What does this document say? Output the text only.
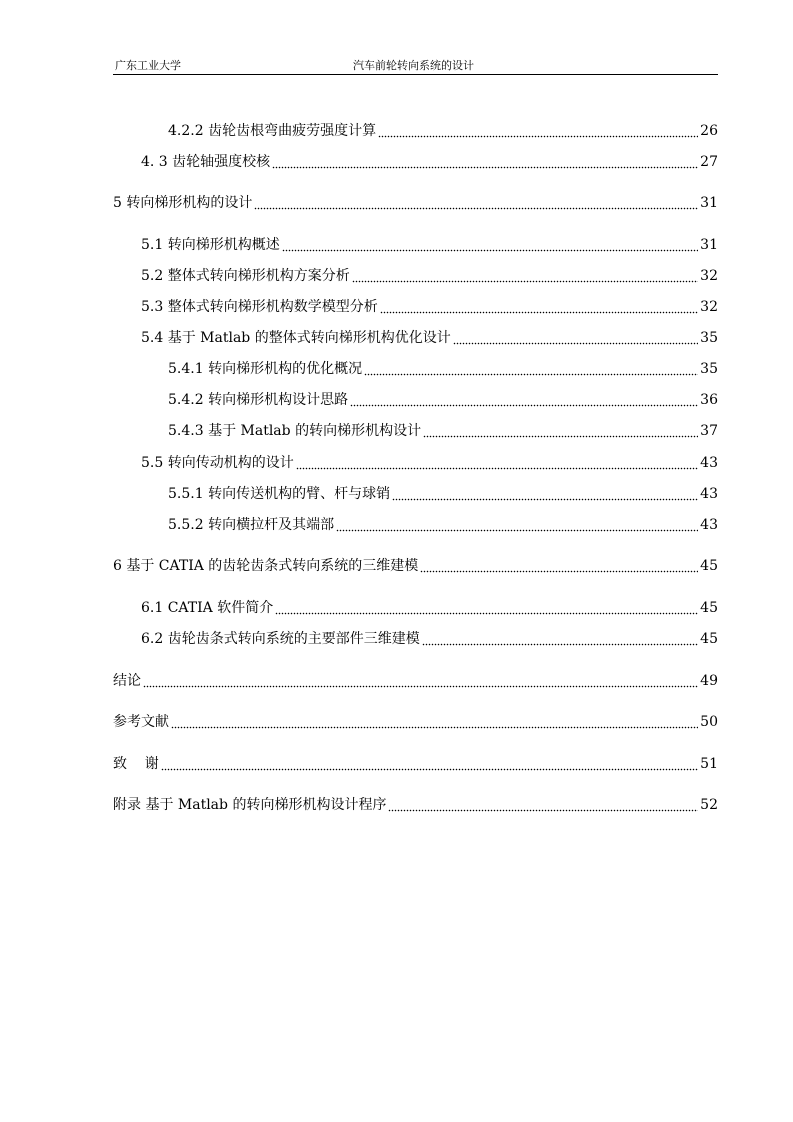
广东工业大学	汽车前轮转向系统的设计
4.2.2 齿轮齿根弯曲疲劳强度计算	26
4. 3 齿轮轴强度校核	27
5 转向梯形机构的设计	31
5.1 转向梯形机构概述	31
5.2 整体式转向梯形机构方案分析	32
5.3 整体式转向梯形机构数学模型分析	32
5.4 基于 Matlab 的整体式转向梯形机构优化设计	35
5.4.1 转向梯形机构的优化概况	35
5.4.2 转向梯形机构设计思路	36
5.4.3 基于 Matlab 的转向梯形机构设计	37
5.5 转向传动机构的设计	43
5.5.1 转向传送机构的臂、杆与球销	43
5.5.2 转向横拉杆及其端部	43
6 基于 CATIA 的齿轮齿条式转向系统的三维建模	45
6.1 CATIA 软件简介	45
6.2 齿轮齿条式转向系统的主要部件三维建模	45
结论	49
参考文献	50
致    谢	51
附录 基于 Matlab 的转向梯形机构设计程序	52
